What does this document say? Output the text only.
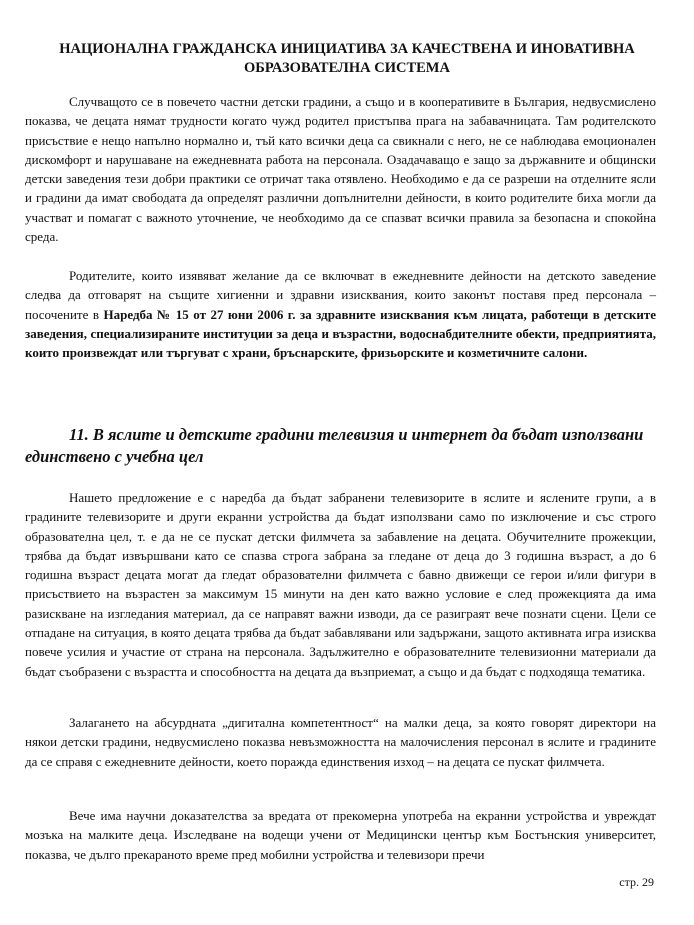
НАЦИОНАЛНА ГРАЖДАНСКА ИНИЦИАТИВА ЗА КАЧЕСТВЕНА И ИНОВАТИВНА ОБРАЗОВАТЕЛНА СИСТЕМА

Случващото се в повечето частни детски градини, а също и в кооперативите в България, недвусмислено показва, че децата нямат трудности когато чужд родител пристъпва прага на забавачницата. Там родителското присъствие е нещо напълно нормално и, тъй като всички деца са свикнали с него, не се наблюдава емоционален дискомфорт и нарушаване на ежедневната работа на персонала. Озадачаващо е защо за държавните и общински детски заведения тези добри практики се отричат така отявлено. Необходимо е да се разреши на отделните ясли и градини да имат свободата да определят различни допълнителни дейности, в които родителите биха могли да участват и помагат с важното уточнение, че необходимо да се спазват всички правила за безопасна и спокойна среда.

Родителите, които изявяват желание да се включват в ежедневните дейности на детското заведение следва да отговарят на същите хигиенни и здравни изисквания, които законът поставя пред персонала – посочените в Наредба № 15 от 27 юни 2006 г. за здравните изисквания към лицата, работещи в детските заведения, специализираните институции за деца и възрастни, водоснабдителните обекти, предприятията, които произвеждат или търгуват с храни, бръснарските, фризьорските и козметичните салони.

11. В яслите и детските градини телевизия и интернет да бъдат използвани единствено с учебна цел

Нашето предложение е с наредба да бъдат забранени телевизорите в яслите и яслените групи, а в градините телевизорите и други екранни устройства да бъдат използвани само по изключение и със строго образователна цел, т. е да не се пускат детски филмчета за забавление на децата. Обучителните прожекции, трябва да бъдат извършвани като се спазва строга забрана за гледане от деца до 3 годишна възраст, а до 6 годишна възраст децата могат да гледат образователни филмчета с бавно движещи се герои и/или фигури в присъствието на възрастен за максимум 15 минути на ден като важно условие е след прожекцията да има разискване на изгледания материал, да се направят важни изводи, да се разиграят вече познати сцени. Цели се отпадане на ситуация, в която децата трябва да бъдат забавлявани или задържани, защото активната игра изисква повече усилия и участие от страна на персонала. Задължително е образователните телевизионни материали да бъдат съобразени с възрастта и способността на децата да възприемат, а също и да бъдат с подходяща тематика.

Залагането на абсурдната „дигитална компетентност“ на малки деца, за която говорят директори на някои детски градини, недвусмислено показва невъзможността на малочисления персонал в яслите и градините да се справя с ежедневните дейности, което поражда единствения изход – на децата се пускат филмчета.

Вече има научни доказателства за вредата от прекомерна употреба на екранни устройства и увреждат мозъка на малките деца. Изследване на водещи учени от Медицински център към Бостънския университет, показва, че дълго прекараното време пред мобилни устройства и телевизори пречи

стр. 29
